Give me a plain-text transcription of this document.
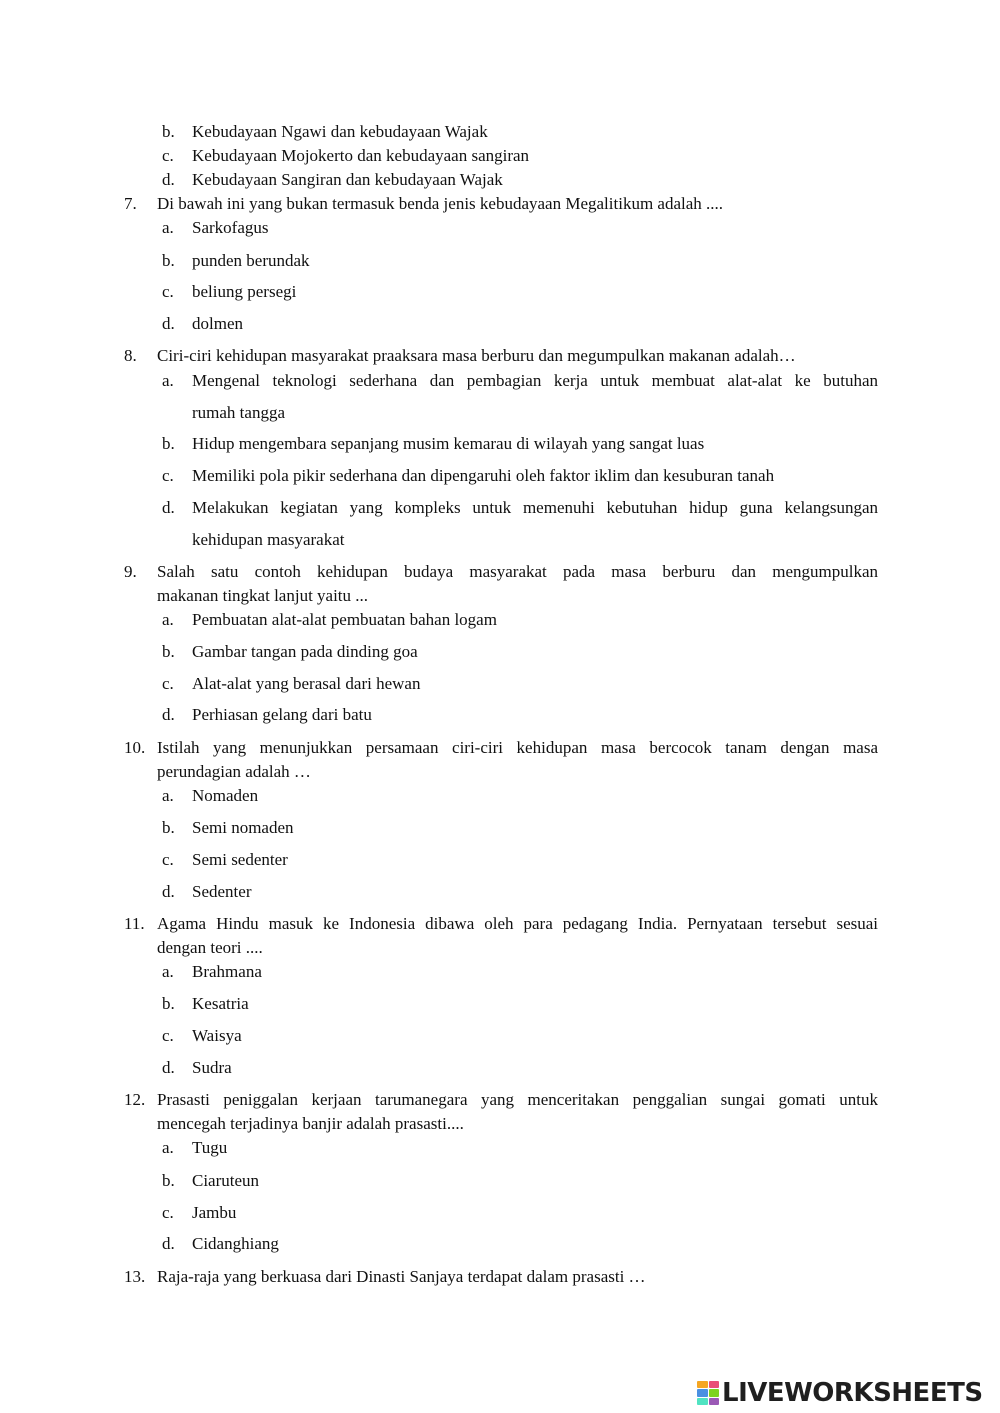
b.	Kebudayaan Ngawi dan kebudayaan Wajak
c.	Kebudayaan Mojokerto dan kebudayaan sangiran
d.	Kebudayaan Sangiran dan kebudayaan Wajak
7.	Di bawah ini yang bukan termasuk benda jenis kebudayaan Megalitikum adalah ....
a.	Sarkofagus
b.	punden berundak
c.	beliung persegi
d.	dolmen
8.	Ciri-ciri kehidupan masyarakat praaksara masa berburu dan megumpulkan makanan adalah…
a.	Mengenal teknologi sederhana dan pembagian kerja untuk membuat alat-alat ke butuhan
rumah tangga
b.	Hidup mengembara sepanjang musim kemarau di wilayah yang sangat luas
c.	Memiliki pola pikir sederhana dan dipengaruhi oleh faktor iklim dan kesuburan tanah
d.	Melakukan kegiatan yang kompleks untuk memenuhi kebutuhan hidup guna kelangsungan
kehidupan masyarakat
9.	Salah satu contoh kehidupan budaya masyarakat pada masa berburu dan mengumpulkan
makanan tingkat lanjut yaitu ...
a.	Pembuatan alat-alat pembuatan bahan logam
b.	Gambar tangan pada dinding goa
c.	Alat-alat yang berasal dari hewan
d.	Perhiasan gelang dari batu
10. Istilah yang menunjukkan persamaan ciri-ciri kehidupan masa bercocok tanam dengan masa
perundagian adalah …
a.	Nomaden
b.	Semi nomaden
c.	Semi sedenter
d.	Sedenter
11. Agama Hindu masuk ke Indonesia dibawa oleh para pedagang India. Pernyataan tersebut sesuai
dengan teori ....
a.	Brahmana
b.	Kesatria
c.	Waisya
d.	Sudra
12. Prasasti peniggalan kerjaan tarumanegara yang menceritakan penggalian sungai gomati untuk
mencegah terjadinya banjir adalah prasasti....
a.	Tugu
b.	Ciaruteun
c.	Jambu
d.	Cidanghiang
13. Raja-raja yang berkuasa dari Dinasti Sanjaya terdapat dalam prasasti …
LIVEWORKSHEETS
